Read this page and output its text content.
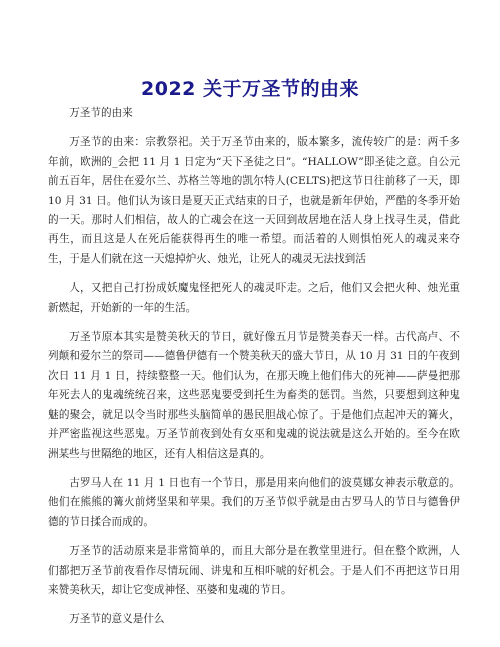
2022 关于万圣节的由来

万圣节的由来

万圣节的由来：宗教祭祀。关于万圣节由来的，版本繁多，流传较广的是：两千多年前，欧洲的_会把 11 月 1 日定为“天下圣徒之日”。“HALLOW”即圣徒之意。自公元前五百年，居住在爱尔兰、苏格兰等地的凯尔特人(CELTS)把这节日往前移了一天，即 10 月 31 日。他们认为该日是夏天正式结束的日子，也就是新年伊始，严酷的冬季开始的一天。那时人们相信，故人的亡魂会在这一天回到故居地在活人身上找寻生灵，借此再生，而且这是人在死后能获得再生的唯一希望。而活着的人则惧怕死人的魂灵来夺生，于是人们就在这一天熄掉炉火、烛光，让死人的魂灵无法找到活

人，又把自己打扮成妖魔鬼怪把死人的魂灵吓走。之后，他们又会把火种、烛光重新燃起，开始新的一年的生活。

万圣节原本其实是赞美秋天的节日，就好像五月节是赞美春天一样。古代高卢、不列颠和爱尔兰的祭司——德鲁伊德有一个赞美秋天的盛大节日，从 10 月 31 日的午夜到次日 11 月 1 日，持续整整一天。他们认为，在那天晚上他们伟大的死神——萨曼把那年死去人的鬼魂统统召来，这些恶鬼要受到托生为畜类的惩罚。当然，只要想到这种鬼魅的聚会，就足以令当时那些头脑简单的愚民胆战心惊了。于是他们点起冲天的篝火，并严密监视这些恶鬼。万圣节前夜到处有女巫和鬼魂的说法就是这么开始的。至今在欧洲某些与世隔绝的地区，还有人相信这是真的。

古罗马人在 11 月 1 日也有一个节日，那是用来向他们的波莫娜女神表示敬意的。他们在熊熊的篝火前烤坚果和苹果。我们的万圣节似乎就是由古罗马人的节日与德鲁伊德的节日揉合而成的。

万圣节的活动原来是非常简单的，而且大部分是在教堂里进行。但在整个欧洲，人们都把万圣节前夜看作尽情玩闹、讲鬼和互相吓唬的好机会。于是人们不再把这节日用来赞美秋天，却让它变成神怪、巫婆和鬼魂的节日。

万圣节的意义是什么
